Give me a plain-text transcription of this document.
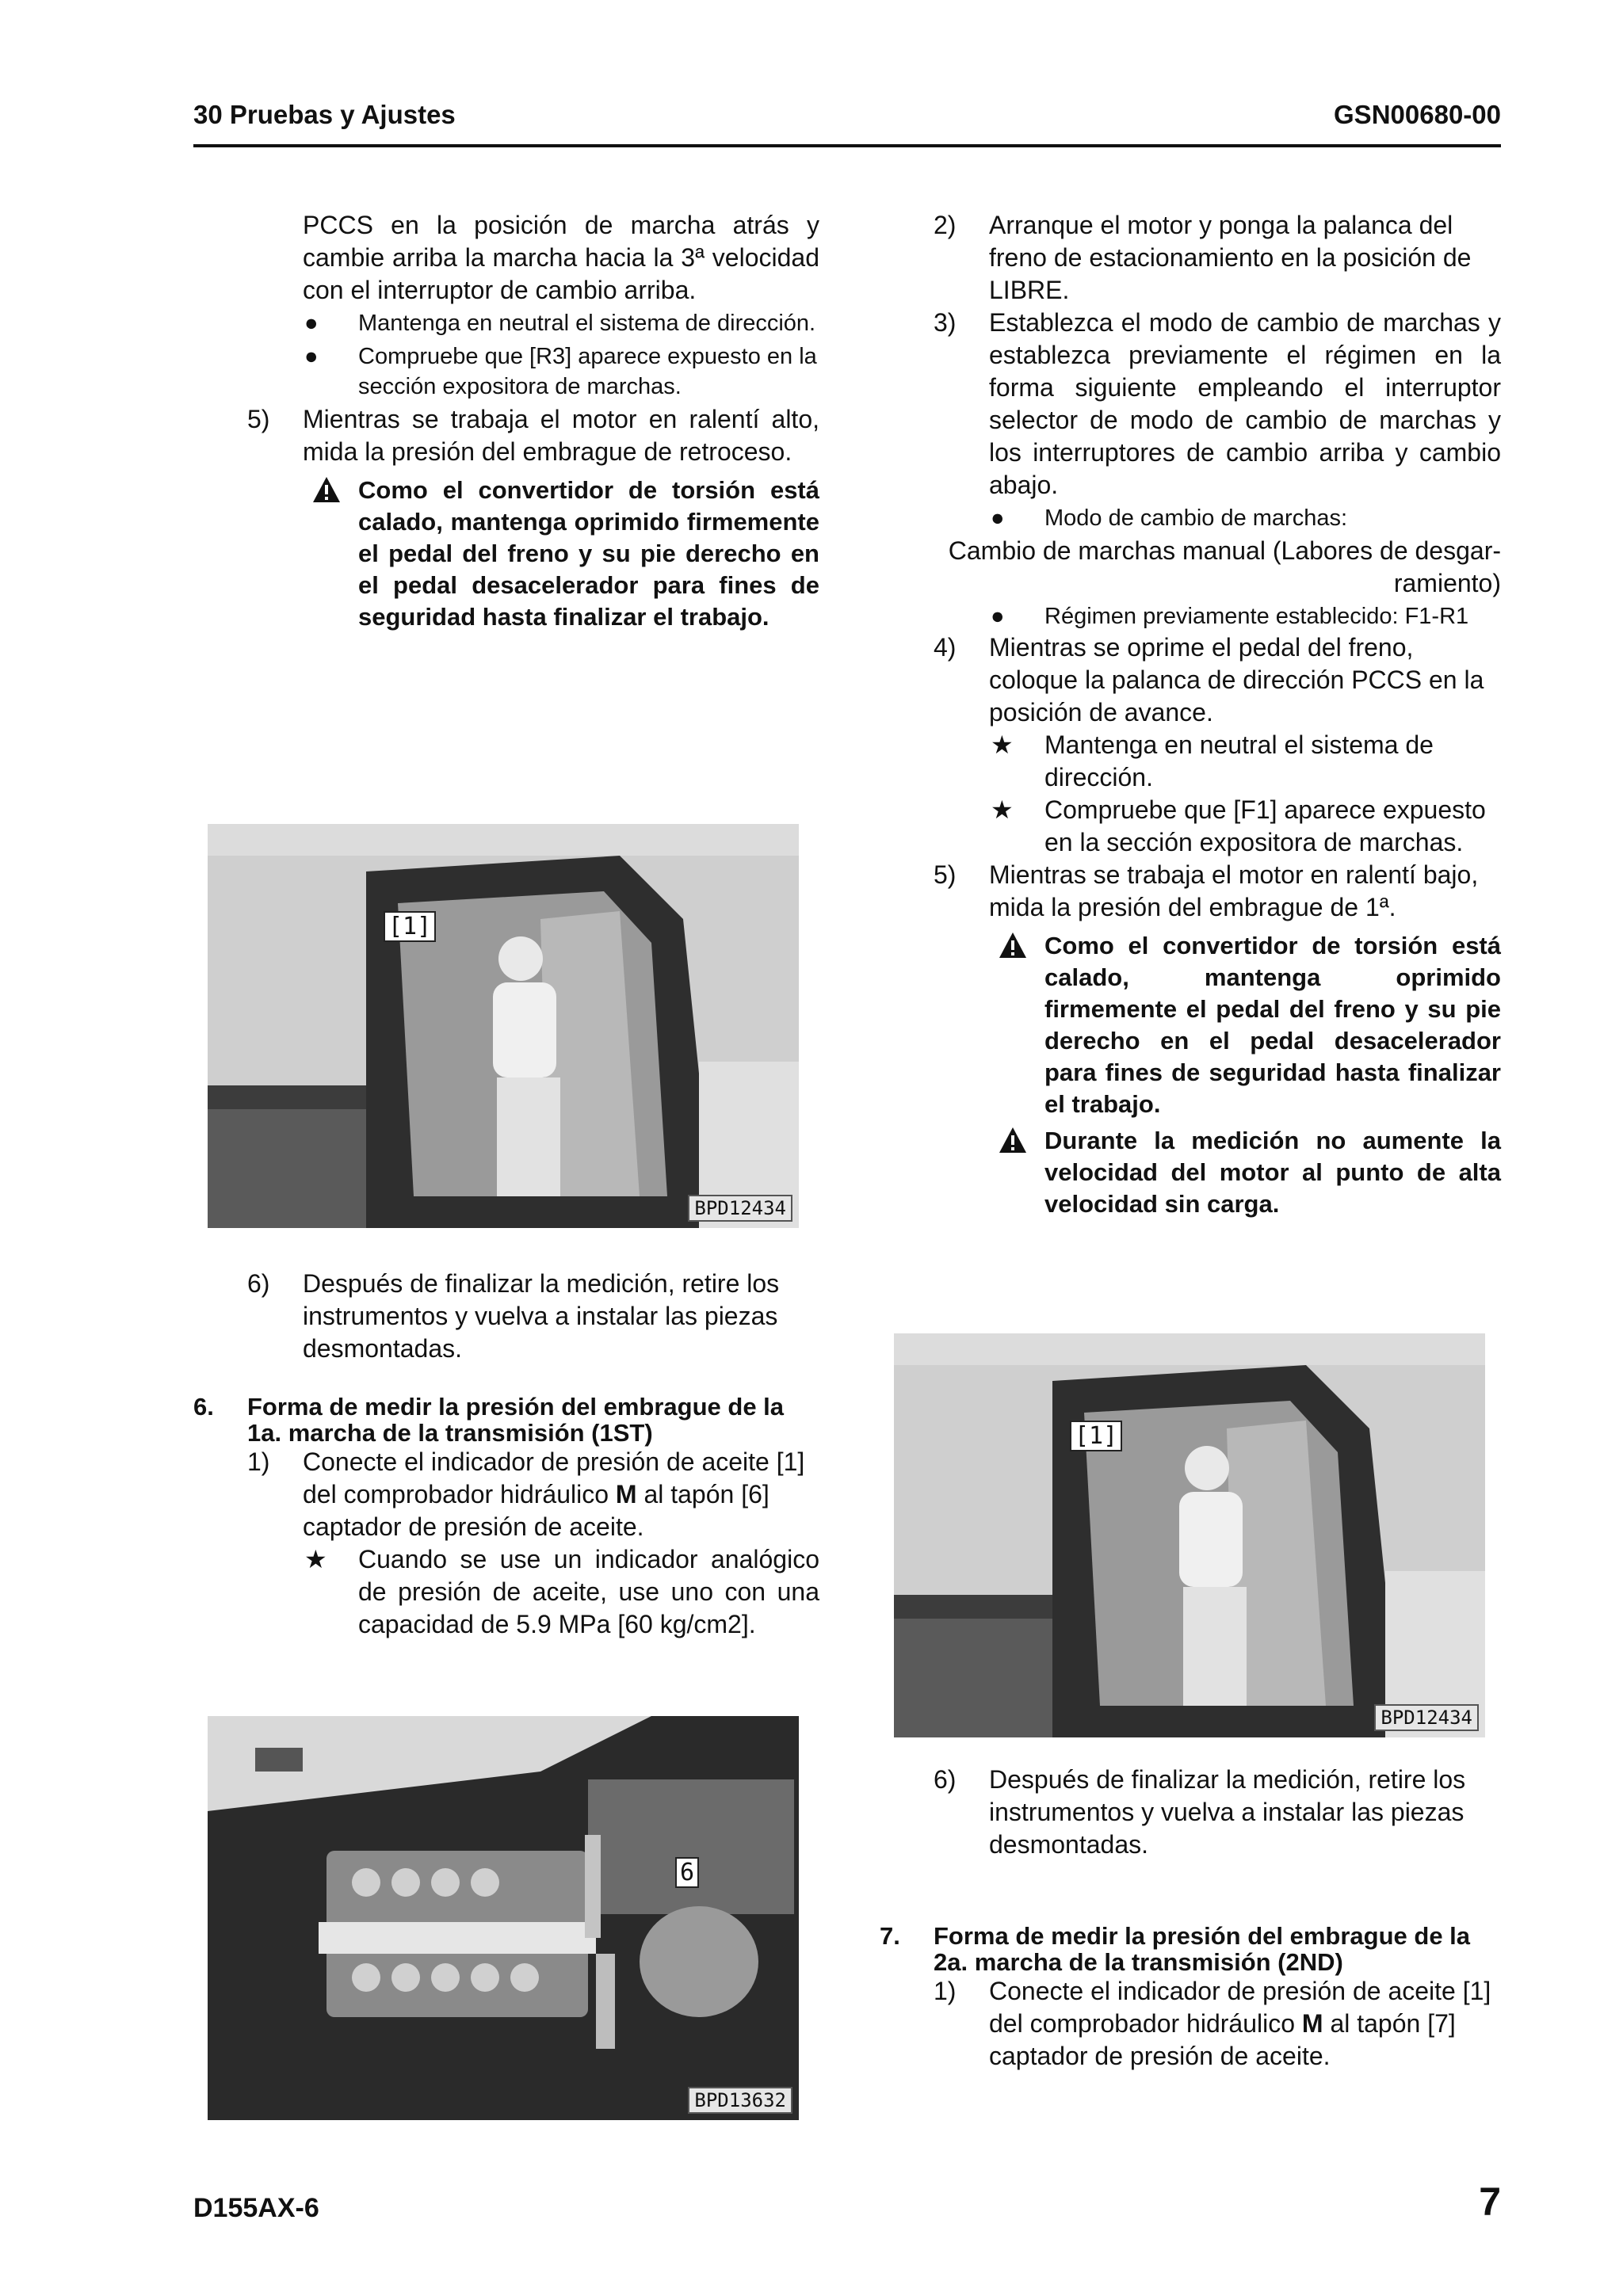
30 Pruebas y Ajustes	GSN00680-00

PCCS en la posición de marcha atrás y cambie arriba la marcha hacia la 3ª velocidad con el interruptor de cambio arriba.

● Mantenga en neutral el sistema de dirección.
● Compruebe que [R3] aparece expuesto en la sección expositora de marchas.
5) Mientras se trabaja el motor en ralentí alto, mida la presión del embrague de retroceso.
Como el convertidor de torsión está calado, mantenga oprimido firmemente el pedal del freno y su pie derecho en el pedal desacelerador para fines de seguridad hasta finalizar el trabajo.
[1]
BPD12434
6) Después de finalizar la medición, retire los instrumentos y vuelva a instalar las piezas desmontadas.
6. Forma de medir la presión del embrague de la 1a. marcha de la transmisión (1ST)
1) Conecte el indicador de presión de aceite [1] del comprobador hidráulico M al tapón [6] captador de presión de aceite.
★ Cuando se use un indicador analógico de presión de aceite, use uno con una capacidad de 5.9 MPa [60 kg/cm2].
6
BPD13632
2) Arranque el motor y ponga la palanca del freno de estacionamiento en la posición de LIBRE.
3) Establezca el modo de cambio de marchas y establezca previamente el régimen en la forma siguiente empleando el interruptor selector de modo de cambio de marchas y los interruptores de cambio arriba y cambio abajo.
● Modo de cambio de marchas:
Cambio de marchas manual (Labores de desgar-ramiento)
● Régimen previamente establecido: F1-R1
4) Mientras se oprime el pedal del freno, coloque la palanca de dirección PCCS en la posición de avance.
★ Mantenga en neutral el sistema de dirección.
★ Compruebe que [F1] aparece expuesto en la sección expositora de marchas.
5) Mientras se trabaja el motor en ralentí bajo, mida la presión del embrague de 1ª.
Como el convertidor de torsión está calado, mantenga oprimido firmemente el pedal del freno y su pie derecho en el pedal desacelerador para fines de seguridad hasta finalizar el trabajo.
Durante la medición no aumente la velocidad del motor al punto de alta velocidad sin carga.
[1]
BPD12434
6) Después de finalizar la medición, retire los instrumentos y vuelva a instalar las piezas desmontadas.
7. Forma de medir la presión del embrague de la 2a. marcha de la transmisión (2ND)
1) Conecte el indicador de presión de aceite [1] del comprobador hidráulico M al tapón [7] captador de presión de aceite.
D155AX-6	7
